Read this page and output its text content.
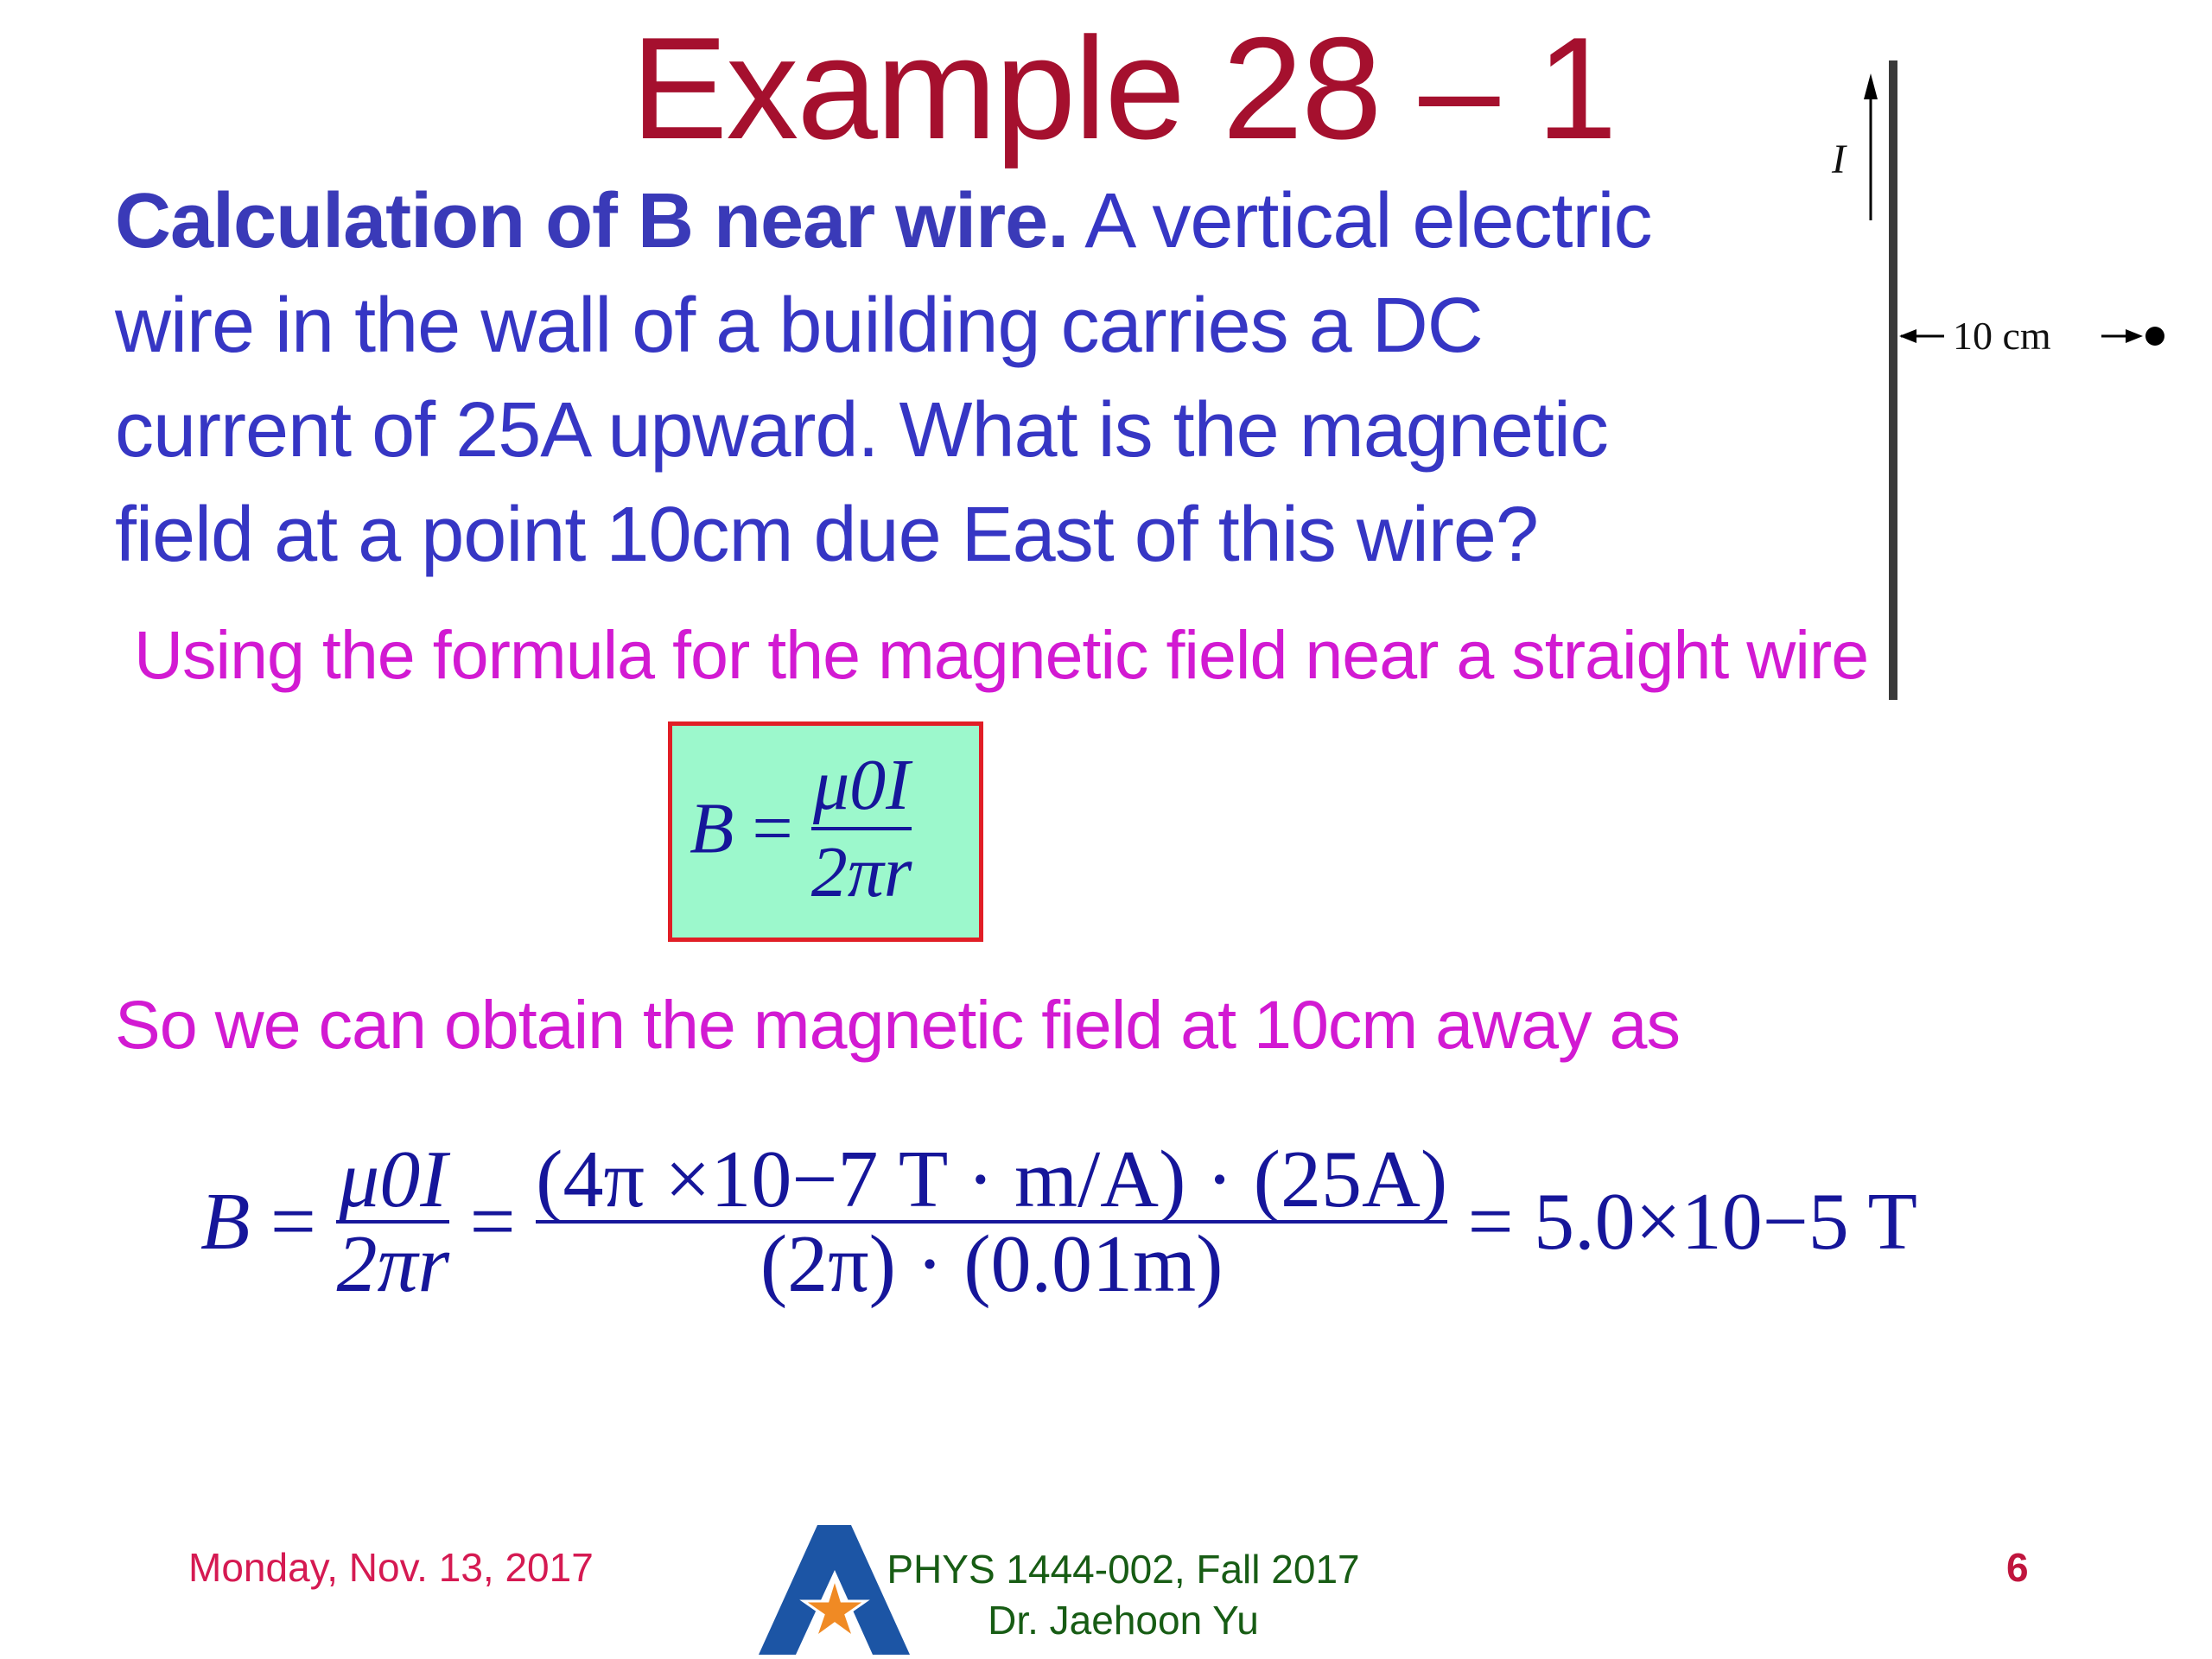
Example 28 – 1
Calculation of B near wire. A vertical electric wire in the wall of a building carries a DC current of 25A upward. What is the magnetic field at a point 10cm due East of this wire?
I
10 cm
Using the formula for the magnetic field near a straight wire
$B = \frac{\mu 0I}{2\pi r}$
So we can obtain the magnetic field at 10cm away as
$B = \frac{\mu 0I}{2\pi r} = \frac{(4\pi \times 10-7 T \cdot m/A) \cdot (25A)}{(2\pi) \cdot (0.01m)} = 5.0\times 10-5$ T
Monday, Nov. 13, 2017	PHYS 1444-002, Fall 2017
Dr. Jaehoon Yu
6
